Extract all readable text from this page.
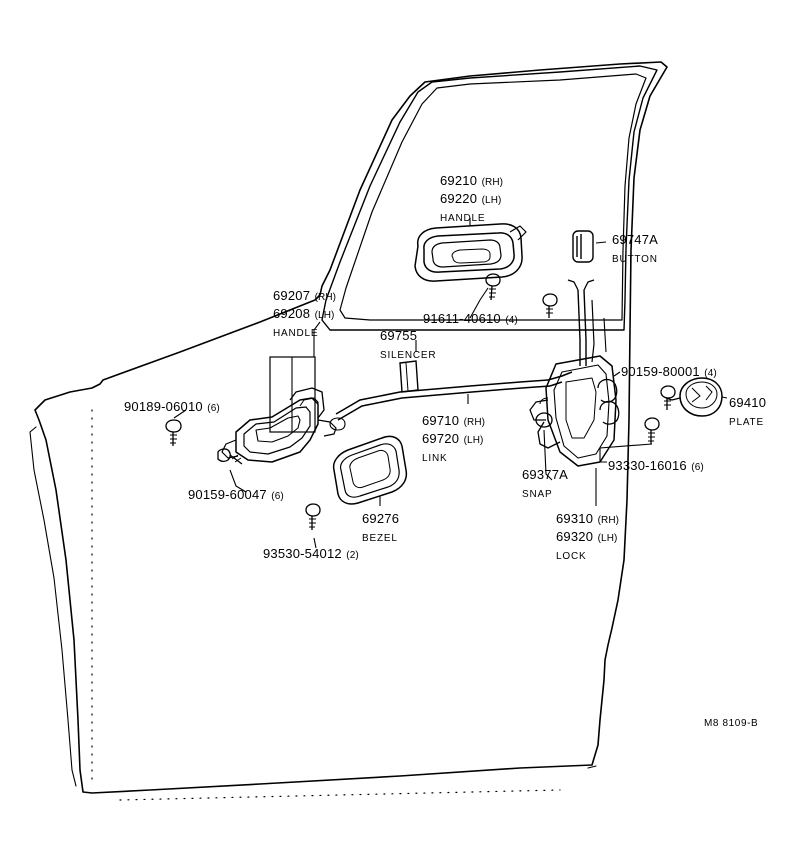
69210 (RH)
69220 (LH)
HANDLE
69747A
BUTTON
69207 (RH)
69208 (LH)
HANDLE
91611-40610 (4)
69755
SILENCER
90159-80001 (4)
69410
PLATE
69710 (RH)
69720 (LH)
LINK
90189-06010 (6)
93330-16016 (6)
69377A
SNAP
90159-60047 (6)
69276
BEZEL
69310 (RH)
69320 (LH)
LOCK
93530-54012 (2)
M8 8109-B
